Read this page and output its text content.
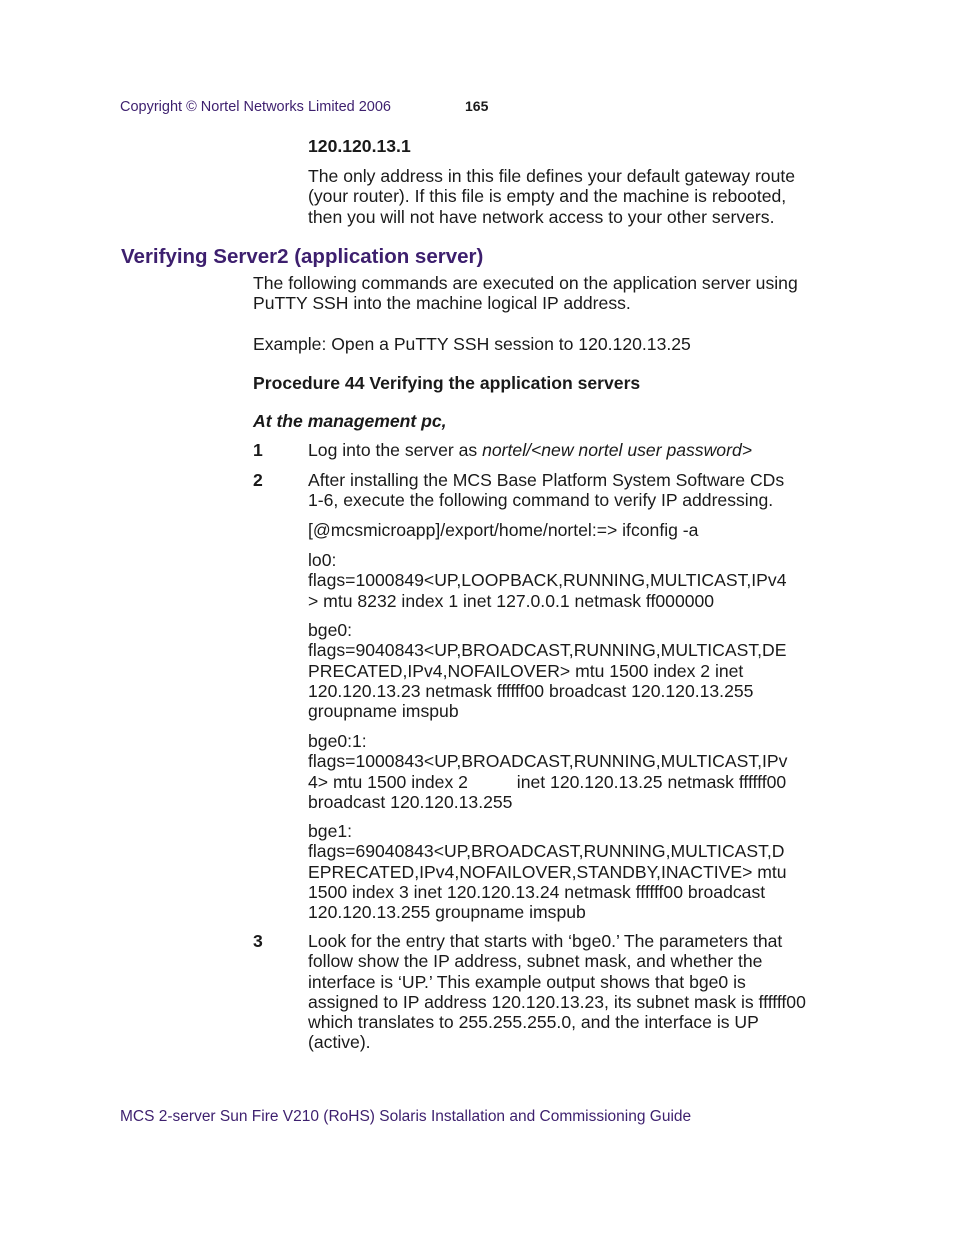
Copyright © Nortel Networks Limited 2006	165
120.120.13.1
The only address in this file defines your default gateway route
(your router). If this file is empty and the machine is rebooted,
then you will not have network access to your other servers.
Verifying Server2 (application server)
The following commands are executed on the application server using
PuTTY SSH into the machine logical IP address.
Example: Open a PuTTY SSH session to 120.120.13.25
Procedure 44 Verifying the application servers
At the management pc,
1	Log into the server as nortel/<new nortel user password>
2	After installing the MCS Base Platform System Software CDs
1-6, execute the following command to verify IP addressing.
[@mcsmicroapp]/export/home/nortel:=> ifconfig -a
lo0:
flags=1000849<UP,LOOPBACK,RUNNING,MULTICAST,IPv4
> mtu 8232 index 1 inet 127.0.0.1 netmask ff000000
bge0:
flags=9040843<UP,BROADCAST,RUNNING,MULTICAST,DE
PRECATED,IPv4,NOFAILOVER> mtu 1500 index 2 inet
120.120.13.23 netmask ffffff00 broadcast 120.120.13.255
groupname imspub
bge0:1:
flags=1000843<UP,BROADCAST,RUNNING,MULTICAST,IPv
4> mtu 1500 index 2          inet 120.120.13.25 netmask ffffff00
broadcast 120.120.13.255
bge1:
flags=69040843<UP,BROADCAST,RUNNING,MULTICAST,D
EPRECATED,IPv4,NOFAILOVER,STANDBY,INACTIVE> mtu
1500 index 3 inet 120.120.13.24 netmask ffffff00 broadcast
120.120.13.255 groupname imspub
3	Look for the entry that starts with ‘bge0.’ The parameters that
follow show the IP address, subnet mask, and whether the
interface is ‘UP.’ This example output shows that bge0 is
assigned to IP address 120.120.13.23, its subnet mask is ffffff00
which translates to 255.255.255.0, and the interface is UP
(active).
MCS 2-server Sun Fire V210 (RoHS) Solaris Installation and Commissioning Guide
